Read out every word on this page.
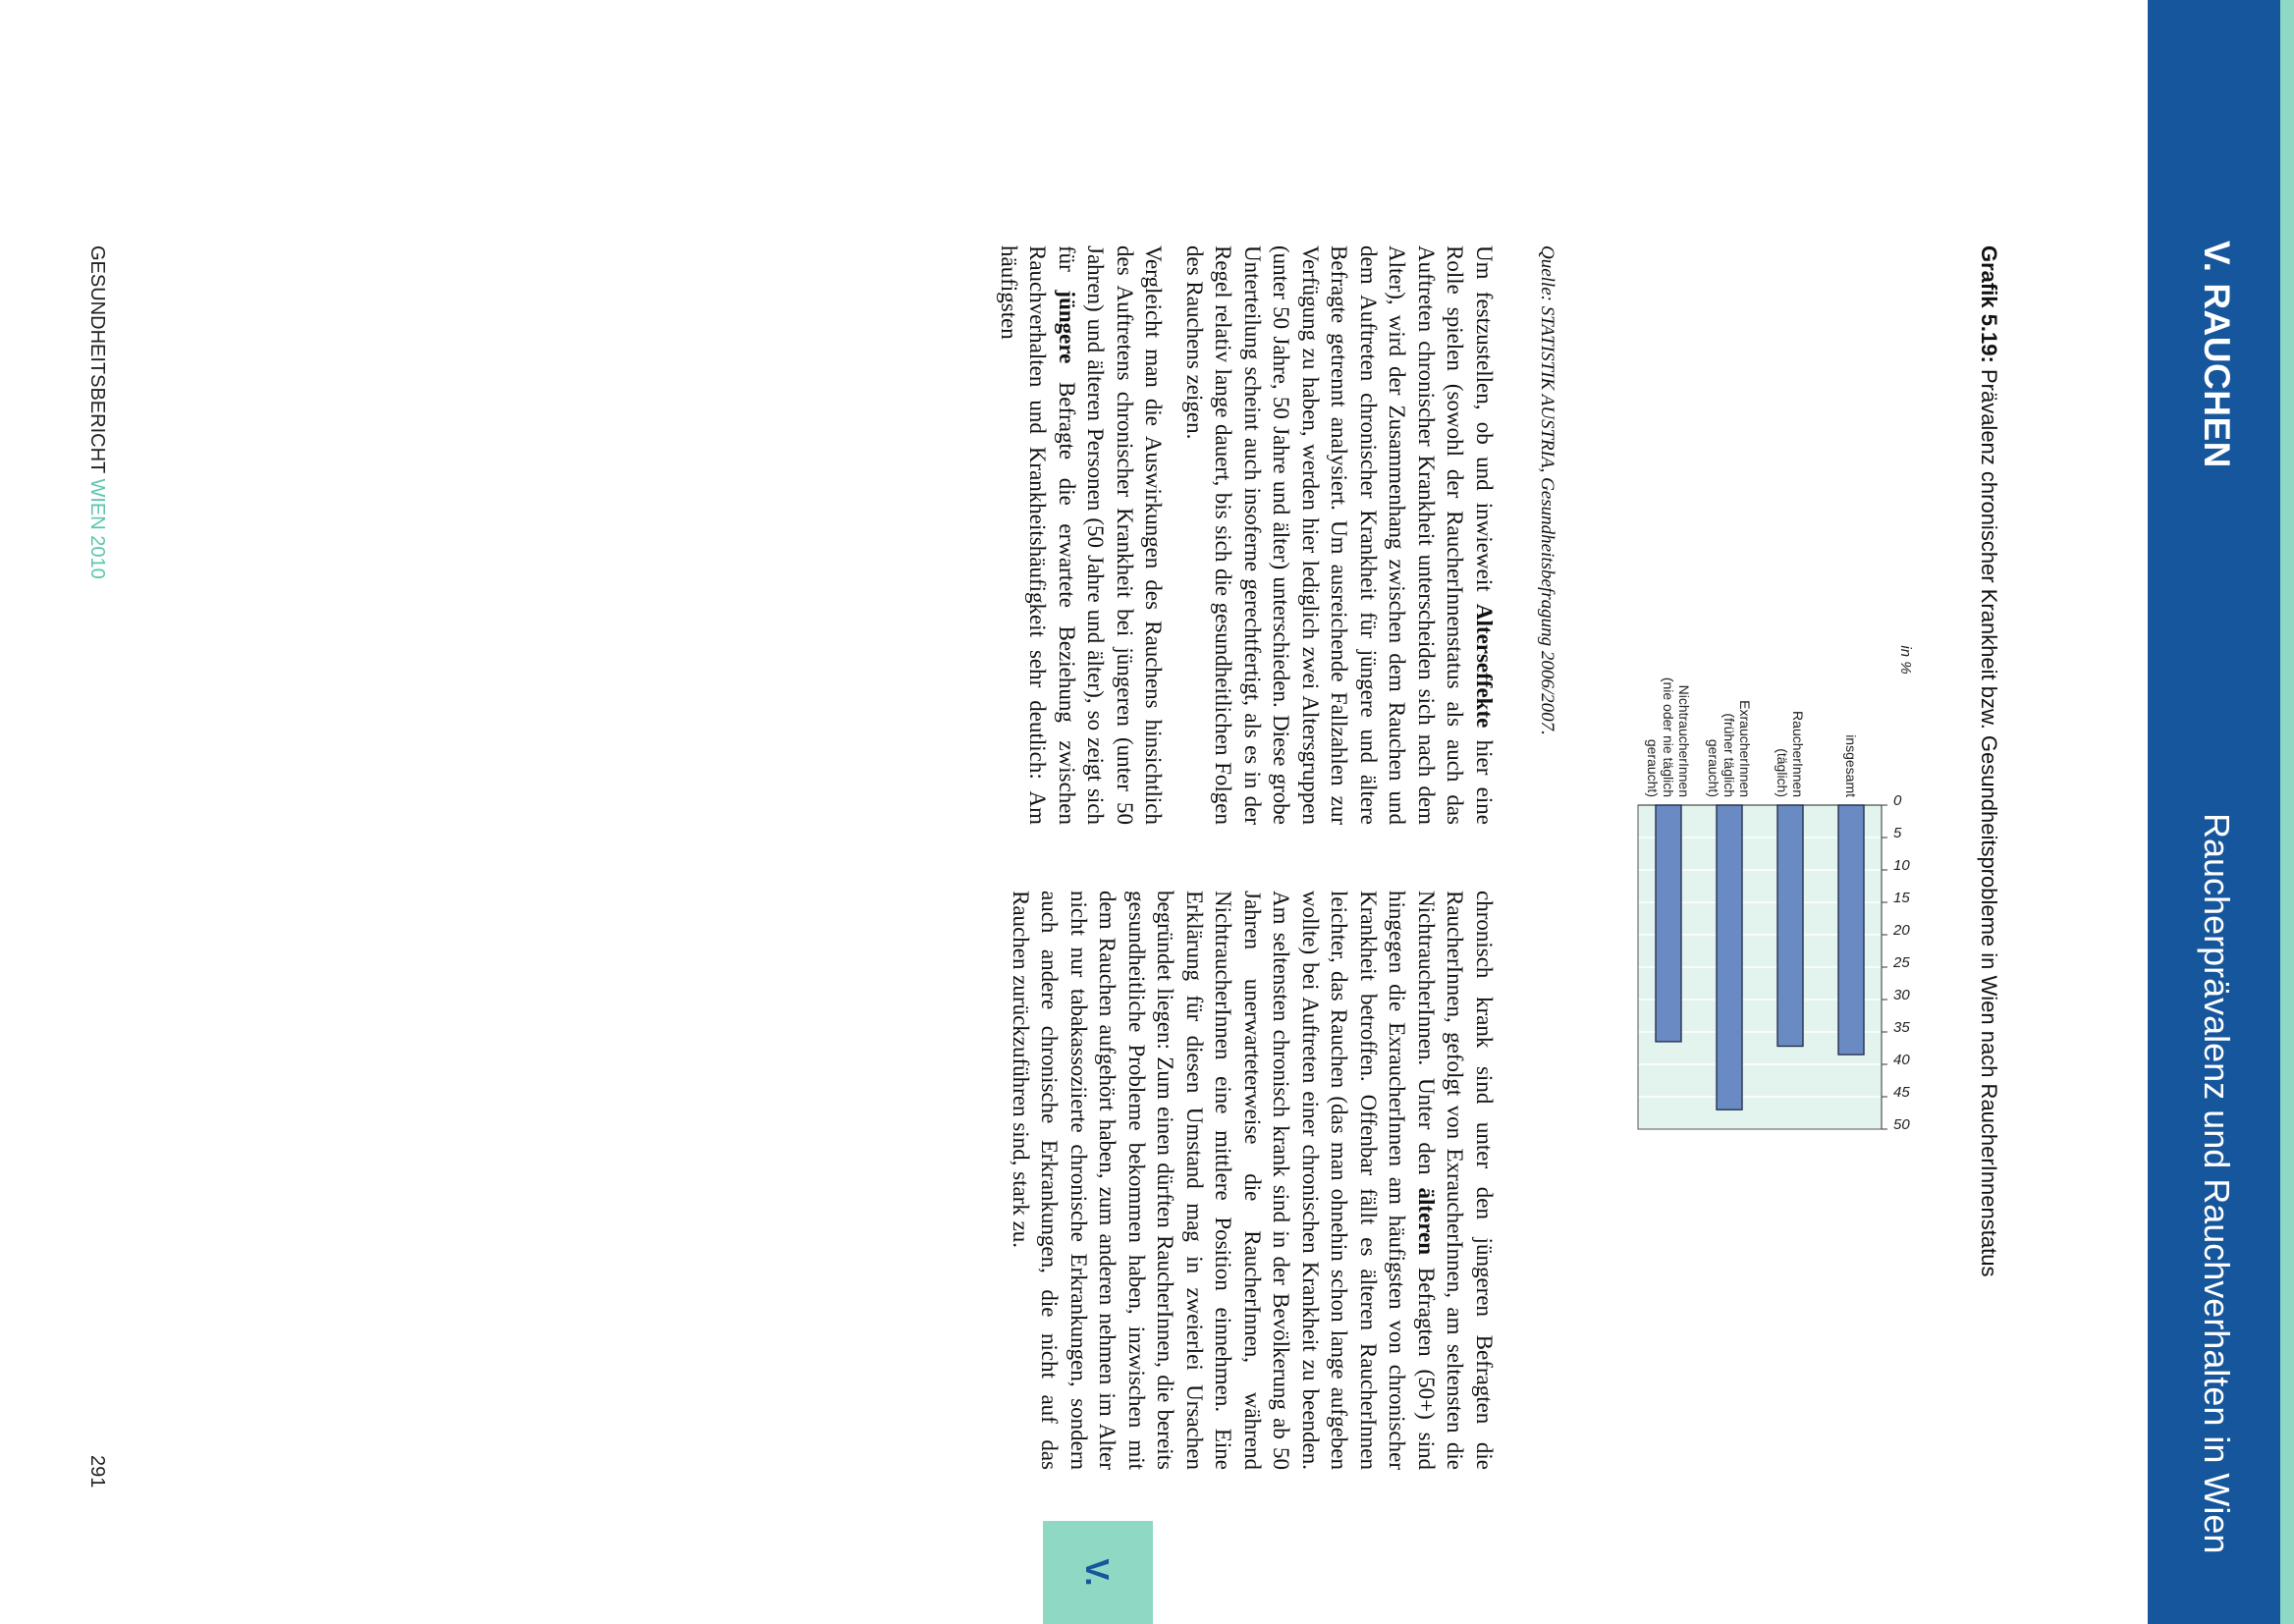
V. RAUCHEN
Raucherprävalenz und Rauchverhalten in Wien
V.
Grafik 5.19: Prävalenz chronischer Krankheit bzw. Gesundheitsprobleme in Wien nach RaucherInnenstatus
0
5
10
15
20
25
30
35
40
45
50
in %
insgesamt
RaucherInnen
(täglich)
ExraucherInnen
(früher täglich
geraucht)
NichtraucherInnen
(nie oder nie täglich
geraucht)
Quelle: STATISTIK AUSTRIA, Gesundheitsbefragung 2006/2007.

Um festzustellen, ob und inwieweit Alterseffekte hier eine Rolle spielen (sowohl der RaucherInnenstatus als auch das Auftreten chronischer Krankheit unterscheiden sich nach dem Alter), wird der Zusammenhang zwischen dem Rauchen und dem Auftreten chronischer Krankheit für jüngere und ältere Befragte getrennt analysiert. Um ausreichende Fallzahlen zur Verfügung zu haben, werden hier lediglich zwei Altersgruppen (unter 50 Jahre, 50 Jahre und älter) unterschieden. Diese grobe Unterteilung scheint auch insoferne gerechtfertigt, als es in der Regel relativ lange dauert, bis sich die gesundheitlichen Folgen des Rauchens zeigen.

Vergleicht man die Auswirkungen des Rauchens hinsichtlich des Auftretens chronischer Krankheit bei jüngeren (unter 50 Jahren) und älteren Personen (50 Jahre und älter), so zeigt sich für jüngere Befragte die erwartete Beziehung zwischen Rauchverhalten und Krankheitshäufigkeit sehr deutlich: Am häufigsten

chronisch krank sind unter den jüngeren Befragten die RaucherInnen, gefolgt von ExraucherInnen, am seltensten die NichtraucherInnen. Unter den älteren Befragten (50+) sind hingegen die ExraucherInnen am häufigsten von chronischer Krankheit betroffen. Offenbar fällt es älteren RaucherInnen leichter, das Rauchen (das man ohnehin schon lange aufgeben wollte) bei Auftreten einer chronischen Krankheit zu beenden. Am seltensten chronisch krank sind in der Bevölkerung ab 50 Jahren unerwarteterweise die RaucherInnen, während NichtraucherInnen eine mittlere Position einnehmen. Eine Erklärung für diesen Umstand mag in zweierlei Ursachen begründet liegen: Zum einen dürften RaucherInnen, die bereits gesundheitliche Probleme bekommen haben, inzwischen mit dem Rauchen aufgehört haben, zum anderen nehmen im Alter nicht nur tabakassoziierte chronische Erkrankungen, sondern auch andere chronische Erkrankungen, die nicht auf das Rauchen zurückzuführen sind, stark zu.

GESUNDHEITSBERICHT WIEN 2010
291
